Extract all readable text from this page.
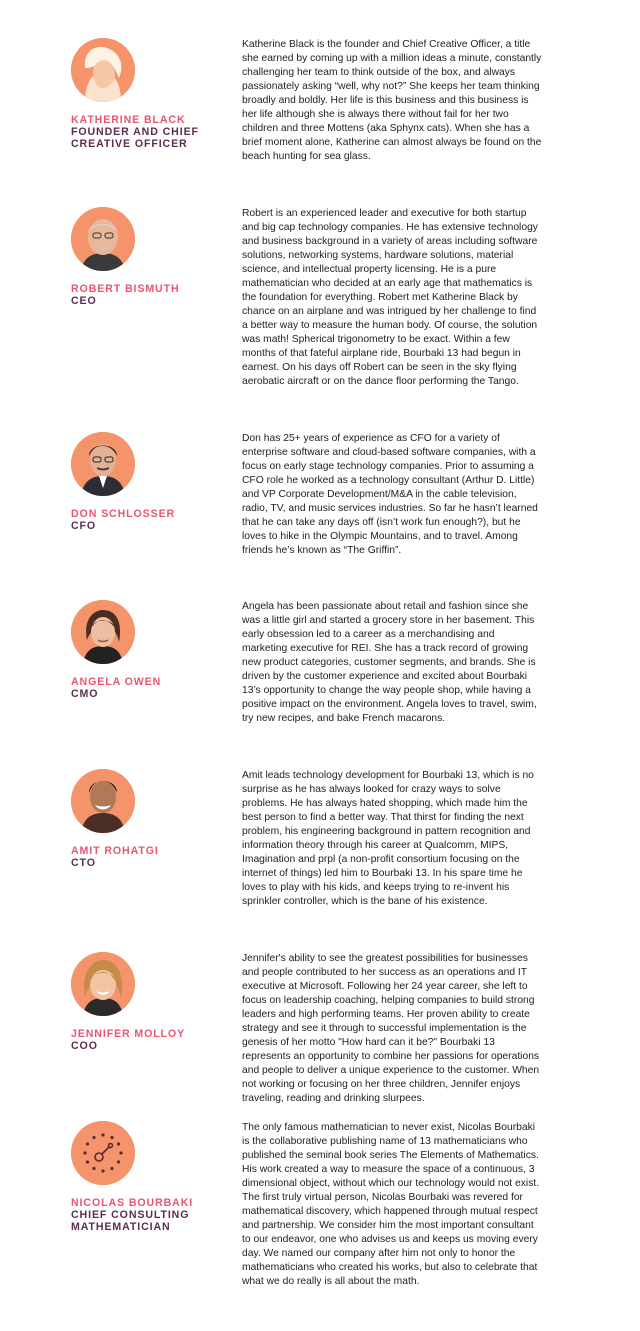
KATHERINE BLACK
FOUNDER AND CHIEF CREATIVE OFFICER

Katherine Black is the founder and Chief Creative Officer, a title she earned by coming up with a million ideas a minute, constantly challenging her team to think outside of the box, and always passionately asking “well, why not?” She keeps her team thinking broadly and boldly. Her life is this business and this business is her life although she is always there without fail for her two children and three Mottens (aka Sphynx cats). When she has a brief moment alone, Katherine can almost always be found on the beach hunting for sea glass.

ROBERT BISMUTH
CEO

Robert is an experienced leader and executive for both startup and big cap technology companies. He has extensive technology and business background in a variety of areas including software solutions, networking systems, hardware solutions, material science, and intellectual property licensing. He is a pure mathematician who decided at an early age that mathematics is the foundation for everything. Robert met Katherine Black by chance on an airplane and was intrigued by her challenge to find a better way to measure the human body. Of course, the solution was math! Spherical trigonometry to be exact. Within a few months of that fateful airplane ride, Bourbaki 13 had begun in earnest. On his days off Robert can be seen in the sky flying aerobatic aircraft or on the dance floor performing the Tango.

DON SCHLOSSER
CFO

Don has 25+ years of experience as CFO for a variety of enterprise software and cloud-based software companies, with a focus on early stage technology companies. Prior to assuming a CFO role he worked as a technology consultant (Arthur D. Little) and VP Corporate Development/M&A in the cable television, radio, TV, and music services industries. So far he hasn’t learned that he can take any days off (isn’t work fun enough?), but he loves to hike in the Olympic Mountains, and to travel. Among friends he’s known as “The Griffin”.

ANGELA OWEN
CMO

Angela has been passionate about retail and fashion since she was a little girl and started a grocery store in her basement. This early obsession led to a career as a merchandising and marketing executive for REI. She has a track record of growing new product categories, customer segments, and brands. She is driven by the customer experience and excited about Bourbaki 13’s opportunity to change the way people shop, while having a positive impact on the environment. Angela loves to travel, swim, try new recipes, and bake French macarons.

AMIT ROHATGI
CTO

Amit leads technology development for Bourbaki 13, which is no surprise as he has always looked for crazy ways to solve problems. He has always hated shopping, which made him the best person to find a better way. That thirst for finding the next problem, his engineering background in pattern recognition and information theory through his career at Qualcomm, MIPS, Imagination and prpl (a non-profit consortium focusing on the internet of things) led him to Bourbaki 13. In his spare time he loves to play with his kids, and keeps trying to re-invent his sprinkler controller, which is the bane of his existence.

JENNIFER MOLLOY
COO

Jennifer's ability to see the greatest possibilities for businesses and people contributed to her success as an operations and IT executive at Microsoft. Following her 24 year career, she left to focus on leadership coaching, helping companies to build strong leaders and high performing teams. Her proven ability to create strategy and see it through to successful implementation is the genesis of her motto "How hard can it be?" Bourbaki 13 represents an opportunity to combine her passions for operations and people to deliver a unique experience to the customer. When not working or focusing on her three children, Jennifer enjoys traveling, reading and drinking slurpees.

NICOLAS BOURBAKI
CHIEF CONSULTING MATHEMATICIAN

The only famous mathematician to never exist, Nicolas Bourbaki is the collaborative publishing name of 13 mathematicians who published the seminal book series The Elements of Mathematics. His work created a way to measure the space of a continuous, 3 dimensional object, without which our technology would not exist. The first truly virtual person, Nicolas Bourbaki was revered for mathematical discovery, which happened through mutual respect and partnership. We consider him the most important consultant to our endeavor, one who advises us and keeps us moving every day. We named our company after him not only to honor the mathematicians who created his works, but also to celebrate that what we do really is all about the math.
